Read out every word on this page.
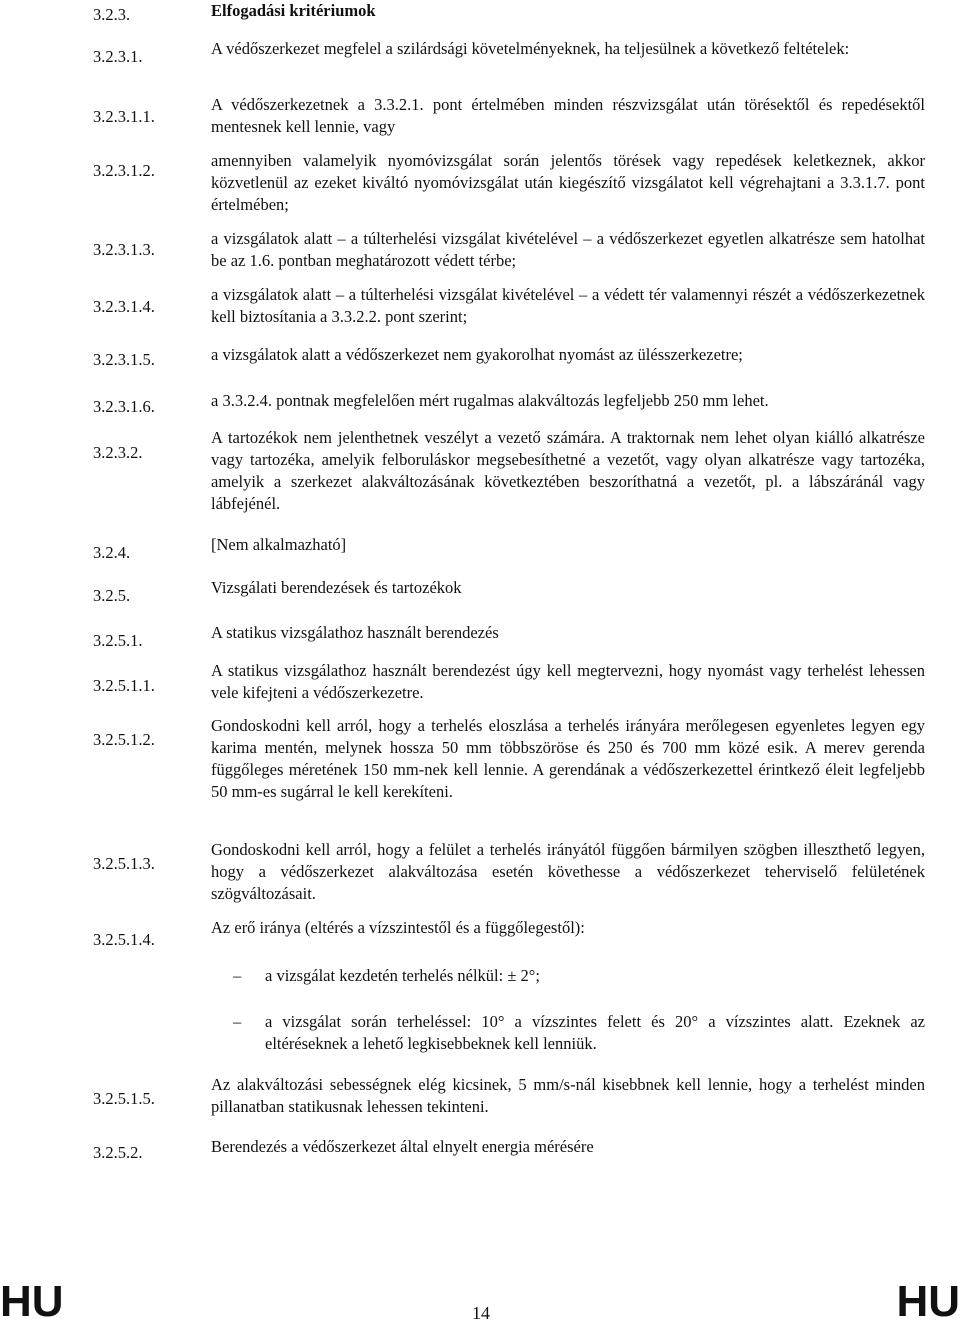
3.2.3.
3.2.3.1.
3.2.3.1.1.
3.2.3.1.2.
3.2.3.1.3.
3.2.3.1.4.
3.2.3.1.5.
3.2.3.1.6.
3.2.3.2.
3.2.4.
3.2.5.
3.2.5.1.
3.2.5.1.1.
3.2.5.1.2.
3.2.5.1.3.
3.2.5.1.4.
3.2.5.1.5.
3.2.5.2.
Elfogadási kritériumok
A védőszerkezet megfelel a szilárdsági követelményeknek, ha teljesülnek a következő feltételek:
A védőszerkezetnek a 3.3.2.1. pont értelmében minden részvizsgálat után törésektől és repedésektől mentesnek kell lennie, vagy
amennyiben valamelyik nyomóvizsgálat során jelentős törések vagy repedések keletkeznek, akkor közvetlenül az ezeket kiváltó nyomóvizsgálat után kiegészítő vizsgálatot kell végrehajtani a 3.3.1.7. pont értelmében;
a vizsgálatok alatt – a túlterhelési vizsgálat kivételével – a védőszerkezet egyetlen alkatrésze sem hatolhat be az 1.6. pontban meghatározott védett térbe;
a vizsgálatok alatt – a túlterhelési vizsgálat kivételével – a védett tér valamennyi részét a védőszerkezetnek kell biztosítania a 3.3.2.2. pont szerint;
a vizsgálatok alatt a védőszerkezet nem gyakorolhat nyomást az ülésszerkezetre;
a 3.3.2.4. pontnak megfelelően mért rugalmas alakváltozás legfeljebb 250 mm lehet.
A tartozékok nem jelenthetnek veszélyt a vezető számára. A traktornak nem lehet olyan kiálló alkatrésze vagy tartozéka, amelyik felboruláskor megsebesíthetné a vezetőt, vagy olyan alkatrésze vagy tartozéka, amelyik a szerkezet alakváltozásának következtében beszoríthatná a vezetőt, pl. a lábszáránál vagy lábfejénél.
[Nem alkalmazható]
Vizsgálati berendezések és tartozékok
A statikus vizsgálathoz használt berendezés
A statikus vizsgálathoz használt berendezést úgy kell megtervezni, hogy nyomást vagy terhelést lehessen vele kifejteni a védőszerkezetre.
Gondoskodni kell arról, hogy a terhelés eloszlása a terhelés irányára merőlegesen egyenletes legyen egy karima mentén, melynek hossza 50 mm többszöröse és 250 és 700 mm közé esik. A merev gerenda függőleges méretének 150 mm-nek kell lennie. A gerendának a védőszerkezettel érintkező éleit legfeljebb 50 mm-es sugárral le kell kerekíteni.
Gondoskodni kell arról, hogy a felület a terhelés irányától függően bármilyen szögben illeszthető legyen, hogy a védőszerkezet alakváltozása esetén követhesse a védőszerkezet teherviselő felületének szögváltozásait.
Az erő iránya (eltérés a vízszintestől és a függőlegestől):
Az alakváltozási sebességnek elég kicsinek, 5 mm/s-nál kisebbnek kell lennie, hogy a terhelést minden pillanatban statikusnak lehessen tekinteni.
Berendezés a védőszerkezet által elnyelt energia mérésére
– a vizsgálat kezdetén terhelés nélkül: ± 2°;
– a vizsgálat során terheléssel: 10° a vízszintes felett és 20° a vízszintes alatt. Ezeknek az eltéréseknek a lehető legkisebbeknek kell lenniük.
HU	14	HU
